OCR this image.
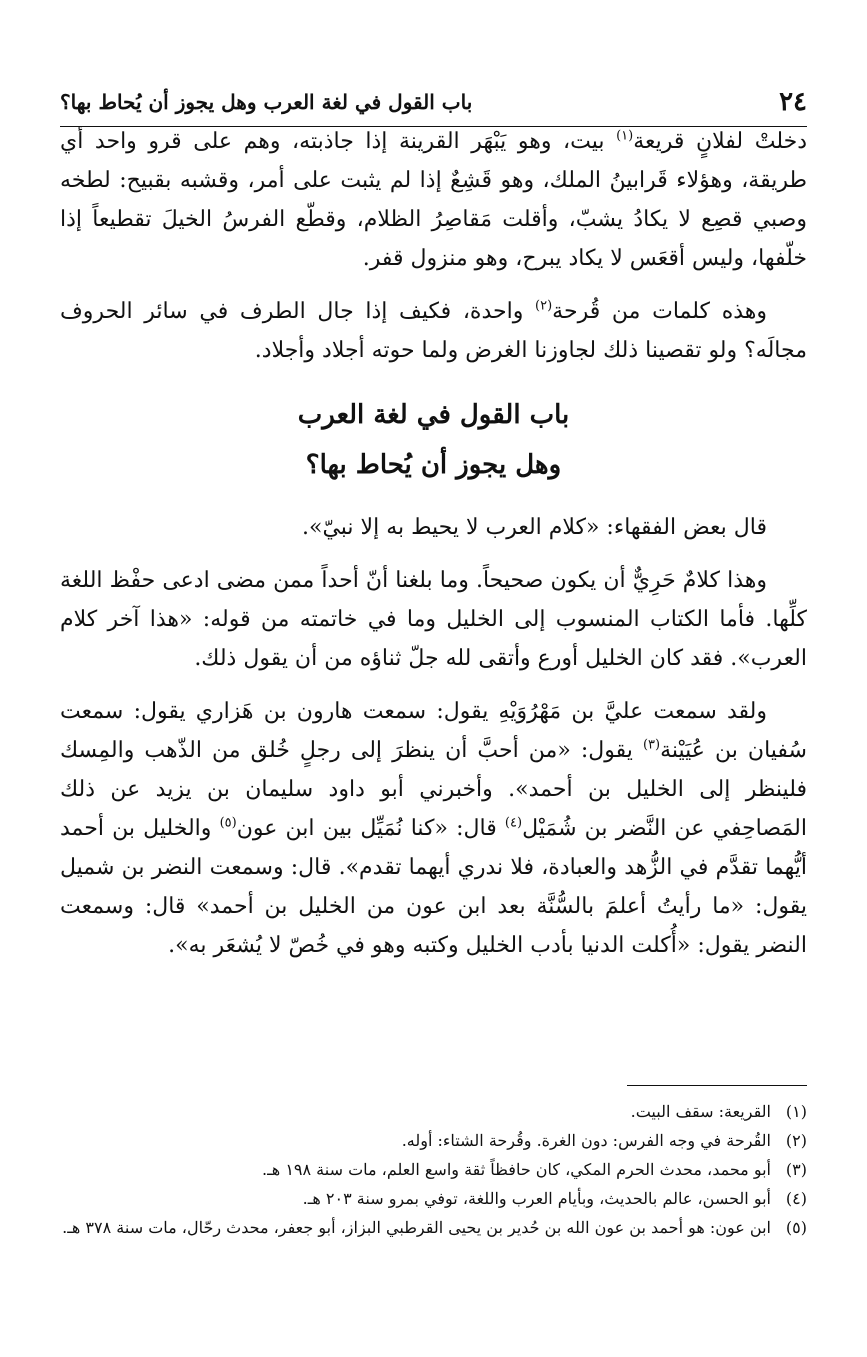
٢٤
باب القول في لغة العرب وهل يجوز أن يُحاط بها؟

دخلتْ لفلانٍ قريعة$^{(١)}$ بيت، وهو يَبْهَر القرينة إذا جاذبته، وهم على قرو واحد أي طريقة، وهؤلاء قَرابينُ الملك، وهو قَشِعٌ إذا لم يثبت على أمر، وقشبه بقبيح: لطخه وصبي قصِع لا يكادُ يشبّ، وأقلت مَقاصِرُ الظلام، وقطّع الفرسُ الخيلَ تقطيعاً إذا خلّفها، وليس أقعَس لا يكاد يبرح، وهو منزول قفر.

وهذه كلمات من قُرحة$^{(٢)}$ واحدة، فكيف إذا جال الطرف في سائر الحروف مجالَه؟ ولو تقصينا ذلك لجاوزنا الغرض ولما حوته أجلاد وأجلاد.

باب القول في لغة العرب
وهل يجوز أن يُحاط بها؟

قال بعض الفقهاء: «كلام العرب لا يحيط به إلا نبيّ».

وهذا كلامٌ حَرِيٌّ أن يكون صحيحاً. وما بلغنا أنّ أحداً ممن مضى ادعى حفْظ اللغة كلِّها. فأما الكتاب المنسوب إلى الخليل وما في خاتمته من قوله: «هذا آخر كلام العرب». فقد كان الخليل أورع وأتقى لله جلّ ثناؤه من أن يقول ذلك.

ولقد سمعت عليَّ بن مَهْرُوَيْهِ يقول: سمعت هارون بن هَزاري يقول: سمعت سُفيان بن عُيَيْنة$^{(٣)}$ يقول: «من أحبَّ أن ينظرَ إلى رجلٍ خُلق من الذّهب والمِسك فلينظر إلى الخليل بن أحمد». وأخبرني أبو داود سليمان بن يزيد عن ذلك المَصاحِفي عن النَّضر بن شُمَيْل$^{(٤)}$ قال: «كنا نُمَيِّل بين ابن عون$^{(٥)}$ والخليل بن أحمد أيُّهما تقدَّم في الزُّهد والعبادة، فلا ندري أيهما تقدم». قال: وسمعت النضر بن شميل يقول: «ما رأيتُ أعلمَ بالسُّنَّة بعد ابن عون من الخليل بن أحمد» قال: وسمعت النضر يقول: «أُكلت الدنيا بأدب الخليل وكتبه وهو في خُصّ لا يُشعَر به».

(١)
القريعة: سقف البيت.
(٢)
القُرحة في وجه الفرس: دون الغرة. وقُرحة الشتاء: أوله.
(٣)
أبو محمد، محدث الحرم المكي، كان حافظاً ثقة واسع العلم، مات سنة ١٩٨ هـ.
(٤)
أبو الحسن، عالم بالحديث، وبأيام العرب واللغة، توفي بمرو سنة ٢٠٣ هـ.
(٥)
ابن عون: هو أحمد بن عون الله بن حُدير بن يحيى القرطبي البزاز، أبو جعفر، محدث رحّال، مات سنة ٣٧٨ هـ.
